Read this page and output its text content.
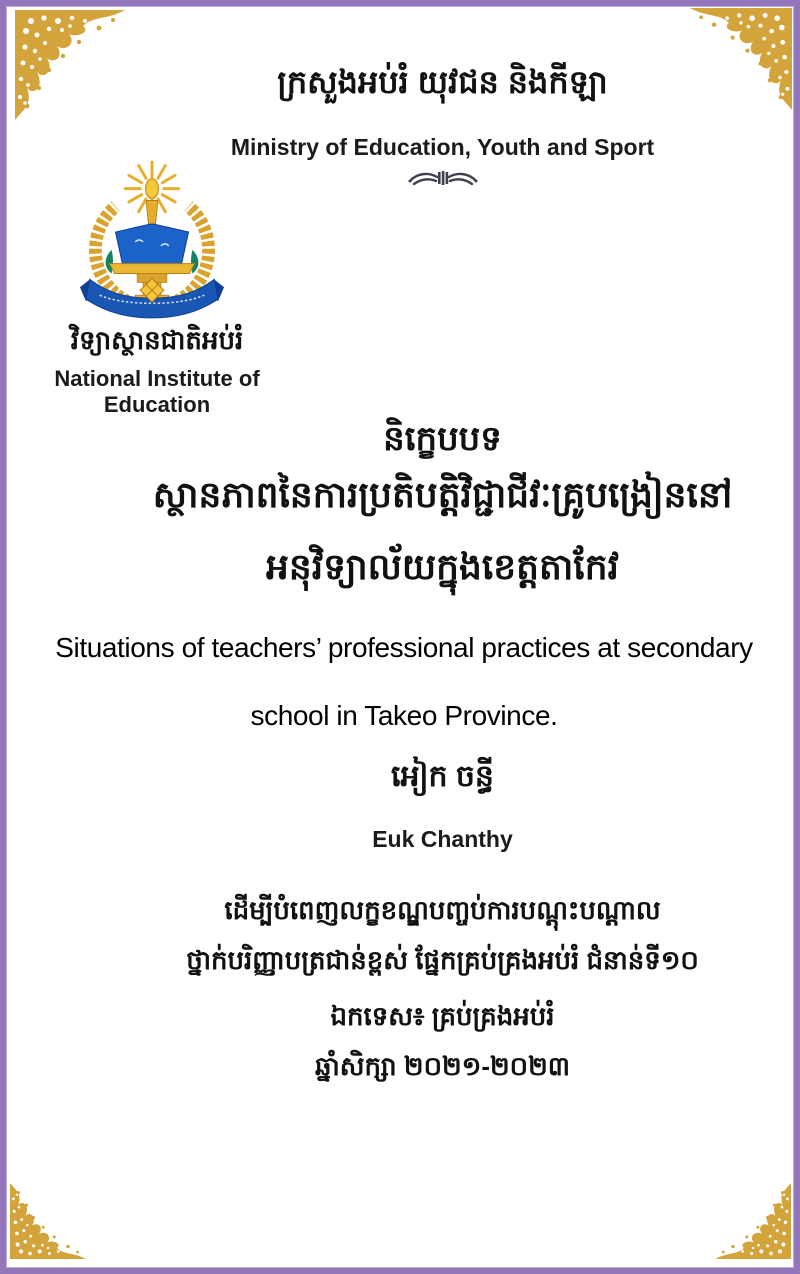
ក្រសួងអប់រំ យុវជន និងកីឡា
Ministry of Education, Youth and Sport
វិទ្យាស្ថានជាតិអប់រំ
National Institute of Education
និក្ខេបបទ
ស្ថានភាពនៃការប្រតិបត្តិវិជ្ជាជីវៈគ្រូបង្រៀននៅ
អនុវិទ្យាល័យក្នុងខេត្តតាកែវ
Situations of teachers’ professional practices at secondary
school in Takeo Province.
អៀក ចន្ធី
Euk Chanthy
ដើម្បីបំពេញលក្ខខណ្ឌបញ្ចប់ការបណ្តុះបណ្តាល
ថ្នាក់បរិញ្ញាបត្រជាន់ខ្ពស់ ផ្នែកគ្រប់គ្រងអប់រំ ជំនាន់ទី១០
ឯកទេស៖ គ្រប់គ្រងអប់រំ
ឆ្នាំសិក្សា ២០២១-២០២៣
